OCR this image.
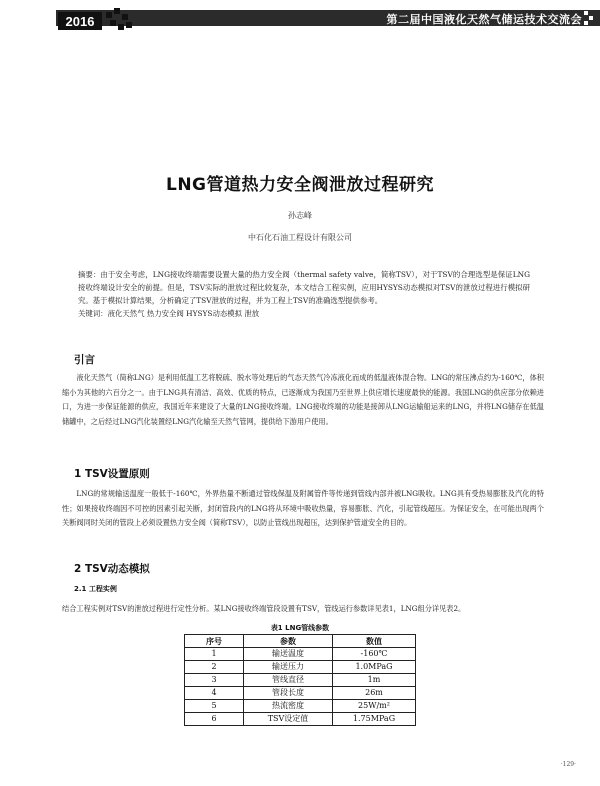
2016	第二届中国液化天然气储运技术交流会
LNG管道热力安全阀泄放过程研究
孙志峰
中石化石油工程设计有限公司
摘要：由于安全考虑，LNG接收终端需要设置大量的热力安全阀（thermal safety valve，简称TSV），对于TSV的合理选型是保证LNG接收终端设计安全的前提。但是，TSV实际的泄放过程比较复杂，本文结合工程实例，应用HYSYS动态模拟对TSV的泄放过程进行模拟研究。基于模拟计算结果，分析确定了TSV泄放的过程，并为工程上TSV的准确选型提供参考。
关键词：液化天然气 热力安全阀 HYSYS动态模拟 泄放
引言
液化天然气（简称LNG）是利用低温工艺将脱硫、脱水等处理后的气态天然气冷冻液化而成的低温液体混合物。LNG的常压沸点约为-160℃，体积缩小为其他的六百分之一。由于LNG具有清洁、高效、优质的特点，已逐渐成为我国乃至世界上供应增长速度最快的能源。我国LNG的供应部分依赖进口，为进一步保证能源的供应，我国近年来建设了大量的LNG接收终端。LNG接收终端的功能是接卸从LNG运输船运来的LNG，并将LNG储存在低温储罐中，之后经过LNG汽化装置经LNG汽化输至天然气管网，提供给下游用户使用。
1 TSV设置原则
LNG的常规输送温度一般低于-160℃，外界热量不断通过管线保温及附属管件等传递到管线内部并被LNG吸收。LNG具有受热易膨胀及汽化的特性；如果接收终端因不可控的因素引起关断，封闭管段内的LNG将从环境中吸收热量，容易膨胀、汽化，引起管线超压。为保证安全，在可能出现两个关断阀同时关闭的管段上必须设置热力安全阀（简称TSV），以防止管线出现超压，达到保护管道安全的目的。
2 TSV动态模拟
2.1 工程实例
结合工程实例对TSV的泄放过程进行定性分析。某LNG接收终端管段设置有TSV，管线运行参数详见表1，LNG组分详见表2。
表1 LNG管线参数
序号	参数	数值
1	输送温度	-160℃
2	输送压力	1.0MPaG
3	管线直径	1m
4	管段长度	26m
5	热流密度	25W/m²
6	TSV设定值	1.75MPaG
·129·
